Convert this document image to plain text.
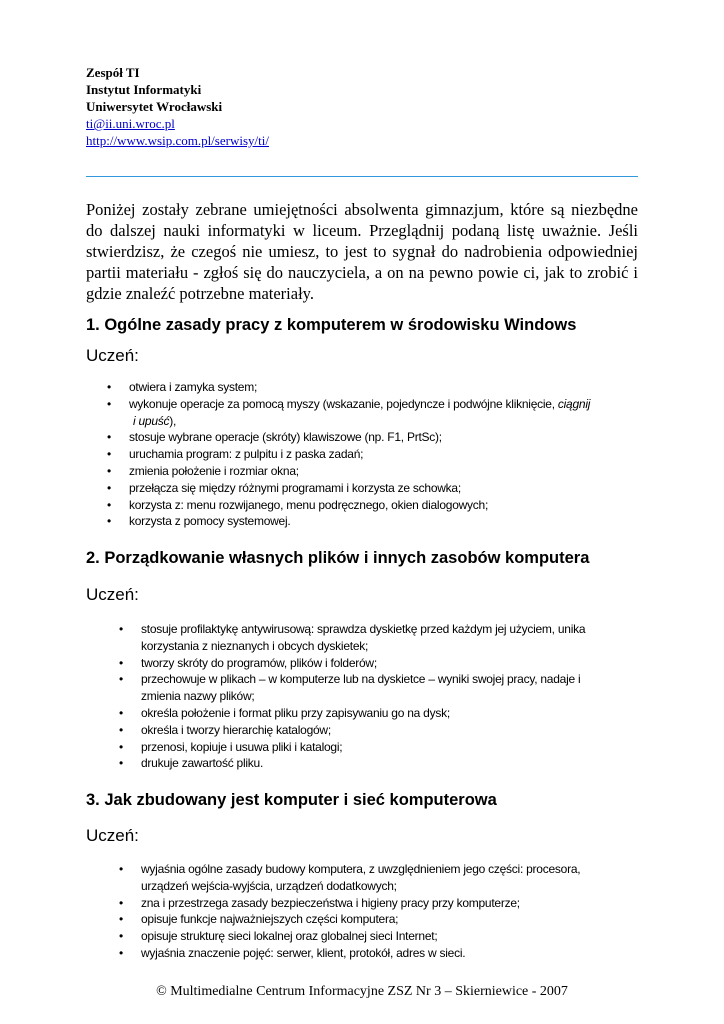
Zespół TI
Instytut Informatyki
Uniwersytet Wrocławski
ti@ii.uni.wroc.pl
http://www.wsip.com.pl/serwisy/ti/
Poniżej zostały zebrane umiejętności absolwenta gimnazjum, które są niezbędne do dalszej nauki informatyki w liceum. Przeglądnij podaną listę uważnie. Jeśli stwierdzisz, że czegoś nie umiesz, to jest to sygnał do nadrobienia odpowiedniej partii materiału - zgłoś się do nauczyciela, a on na pewno powie ci, jak to zrobić i gdzie znaleźć potrzebne materiały.
1. Ogólne zasady pracy z komputerem w środowisku Windows
Uczeń:
• otwiera i zamyka system;
• wykonuje operacje za pomocą myszy (wskazanie, pojedyncze i podwójne kliknięcie, ciągnij
i upuść),
• stosuje wybrane operacje (skróty) klawiszowe (np. F1, PrtSc);
• uruchamia program: z pulpitu i z paska zadań;
• zmienia położenie i rozmiar okna;
• przełącza się między różnymi programami i korzysta ze schowka;
• korzysta z: menu rozwijanego, menu podręcznego, okien dialogowych;
• korzysta z pomocy systemowej.
2. Porządkowanie własnych plików i innych zasobów komputera
Uczeń:
• stosuje profilaktykę antywirusową: sprawdza dyskietkę przed każdym jej użyciem, unika korzystania z nieznanych i obcych dyskietek;
• tworzy skróty do programów, plików i folderów;
• przechowuje w plikach – w komputerze lub na dyskietce – wyniki swojej pracy, nadaje i zmienia nazwy plików;
• określa położenie i format pliku przy zapisywaniu go na dysk;
• określa i tworzy hierarchię katalogów;
• przenosi, kopiuje i usuwa pliki i katalogi;
• drukuje zawartość pliku.
3. Jak zbudowany jest komputer i sieć komputerowa
Uczeń:
• wyjaśnia ogólne zasady budowy komputera, z uwzględnieniem jego części: procesora, urządzeń wejścia-wyjścia, urządzeń dodatkowych;
• zna i przestrzega zasady bezpieczeństwa i higieny pracy przy komputerze;
• opisuje funkcje najważniejszych części komputera;
• opisuje strukturę sieci lokalnej oraz globalnej sieci Internet;
• wyjaśnia znaczenie pojęć: serwer, klient, protokół, adres w sieci.
© Multimedialne Centrum Informacyjne ZSZ Nr 3 – Skierniewice - 2007
